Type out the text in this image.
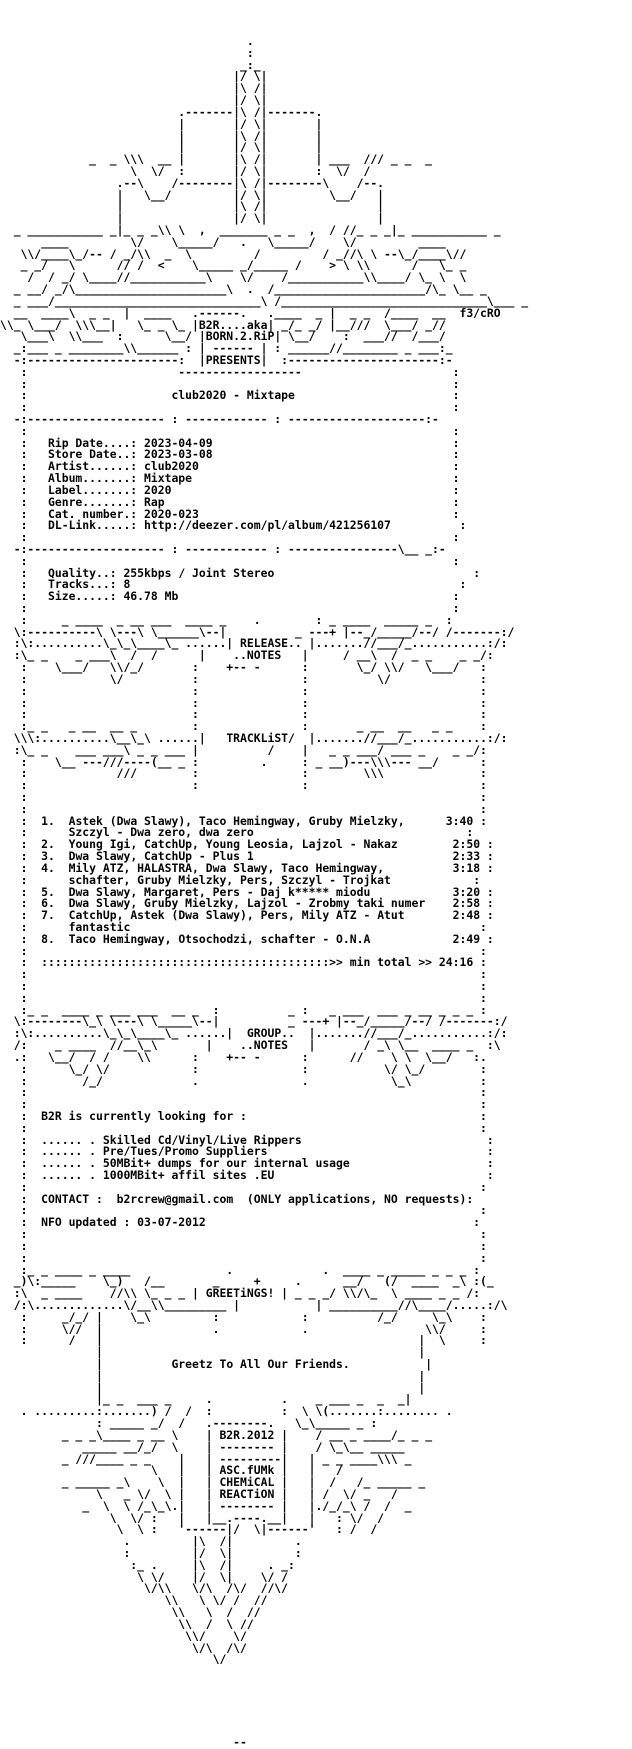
.
:
_:_
|/ \|
|\ /|
|/ \|
.-------|\ /|-------.
|       |/ \|       |
|       |\ /|       |
|       |/ \|       |
_  _ \\\  __ |       |\ /|       | ___  /// _ _  _
\  \/  :       |/ \|       :  \/  /
.--\    /--------|\ /|--------\    /--.
|   \__/         |/ \|         \__/   |
|                |\ /|                |
|                |/ \|                |
_ ___________ _|_ _ _\\ \  ,  _______ _ _  ,  / //_ _ _|_ ___________ _
____         \/    \_____/   .   \_____/    \/         ____
\\/____\_/-- / _/\\  _  \         /         / _//\ \ --\_/____\//
_ _/   \      // /  <    \_____ _/_____ /    > \ \\      /   \_ _
/  / _/ \____//___________\    \/    /___________\\____/ \_ \  \
_ __/ _/\______________________\  .  /______________________/\_ \__ _
_ ___/______________________________\ /______________________________\___ _
__  ____\  _ _  |  ____   .------.   .____  _ |  _ _  /____  __  f3/cRO
\\_ \___/  \\\__|   \_ _ \_ |B2R....aka| _/_ _/ |__///  \___/ _//
\___\  \\___  :      \__/ |BORN.2.RiP| \__/    :  ___//  /___/
_:___ _ ________\\______ : | ------ | : ______//________ _ ___:_
-:----------------------:  |PRESENTS|  :----------------------:-
:                      ------------------                      :
:                                                              :
:                     club2020 - Mixtape                       :
:                                                              :
-:-------------------- : ------------ : --------------------:-
:                                                              :
:   Rip Date....: 2023-04-09                                   :
:   Store Date..: 2023-03-08                                   :
:   Artist......: club2020                                     :
:   Album.......: Mixtape                                      :
:   Label.......: 2020                                         :
:   Genre.......: Rap                                          :
:   Cat. number.: 2020-023                                     :
:   DL-Link.....: http://deezer.com/pl/album/421256107          :
:                                                              :
-:-------------------- : ------------ : ----------------\__ _:-
:                                                              :
:   Quality..: 255kbps / Joint Stereo                             :
:   Tracks...: 8                                                :
:   Size.....: 46.78 Mb                                        :
:                                                              :
:     _ ____  _ __ ___  ____ _    .        : _ ____  _____ _  :
\:----------\ \---\ \______\--|          _ ---+ |--_/_____/--/ /-------:/
:\:..........\_\_\____\_ ......| RELEASE.. |.......//___/_...........:/:
:\_ _    _ ___\  /  /      |    ..NOTES   |     / __\  /  _ _    _ _/:
:    \___/   \\/_/       :    +-- -      :       \_/ \\/   \___/   :
:            \/          :               :          \/             :
:                        :               :                         :
:                        :               :                         :
:                        :               :                         :
:_ _   _ __  __ _        :               :       _ __  __   _ _    :
\\\:..........\__\_\ ......|   TRACKLiST/  |.......//___/_...........:/:
:\_ _    ___ ___\ _ _ ___ |          /    |   _ _ ___/ ___ _    _ _/:
:    \__ ---///----(__ _ :         .     : _ __)---\\\--- __/      :
:             ///        :               :        \\\              :
:                        :               :                         :
:                                                                  :
:                                                                  :
:  1. Astek (Dwa Slawy), Taco Hemingway, Gruby Mielzky,	3:40 :
:      Szczyl - Dwa zero, dwa zero                               :
:  2. Young Igi, CatchUp, Young Leosia, Lajzol - Nakaz	2:50 :
:  3. Dwa Slawy, CatchUp - Plus 1	2:33 :
:  4. Mily ATZ, HALASTRA, Dwa Slawy, Taco Hemingway,	3:18 :
:      schafter, Gruby Mielzky, Pers, Szczyl - Trojkat            :
:  5. Dwa Slawy, Margaret, Pers - Daj k***** miodu	3:20 :
:  6. Dwa Slawy, Gruby Mielzky, Lajzol - Zrobmy taki numer 2:58 :
:  7. CatchUp, Astek (Dwa Slawy), Pers, Mily ATZ - Atut	2:48 :
:      fantastic                                                   :
:  8. Taco Hemingway, Otsochodzi, schafter - O.N.A	2:49 :
:                                                                  :
:  ::::::::::::::::::::::::::::::::::::::::::>> min total >> 24:16 :
:                                                                  :
:                                                                  :
:                                                                  :
:_ _  ____ _ ___ ___  __ _  :          _ :   _ ___  ___ _ __ _ _ _ :
\:--------\_\ \---\ \_____\--|          _ ---+ |--_/_____/--/ /-------:/
:\:..........\_\_\____\_ ......|  GROUP..  |.......//___/_...........:/:
/:    _ ____  //__\_\       |    ..NOTES   |       / _\ \__  ____ _  :\
.:   \__/  / /    \\      :    +-- -      :      //    \ \  \__/   :.
:      \_/ \/            :               :           \/ \_/        :
:        /_/             .               .            \_\          :
:                                                                  :
:                                                                  :
:  B2R is currently looking for :                                  :
:                                                                  :
:  ...... . Skilled Cd/Vinyl/Live Rippers                           :
:  ...... . Pre/Tues/Promo Suppliers                                :
:  ...... . 50MBit+ dumps for our internal usage                    :
:  ...... . 1000MBit+ affil sites .EU                               :
:                                                                  :
:  CONTACT :  b2rcrew@gmail.com (ONLY applications, NO requests):
:                                                                  :
:  NFO updated : 03-07-2012                                       :
:                                                                  :
:                                                                  :
:                                                                  :
:_ _ ____ _ ____              .             .  ____ _ _____ _ _ _ :
_)\:_____    \_)   /__       _     +     .      __/   (/  ____  _\ :(_
:\  _ ____    //\\ \_ _ _ | GREETiNGS! | _ _ _/ \\/\_  \ ____ _ _ /:
/:\.............\/__\\_________ |           | __________//\____/.....:/\
:     _/_/ |    \_\         :            :          /_/     \_\    :
:     \//  |                .            .                 \\/     :
:      /   |                                              |  \     :
|                                              |
|          Greetz To All Our Friends.           |
|                                              |
|                                              |
|_ _  ___ _     .          .    _ ___ _  _  _|
. .........:.......) /  /  :          :  \ \(.......:........ .
: _____ _/  /   .--------.   \_\_____ _ :
_ _ _\____ _ __ \    | B2R.2012 |    / __ _ ____/_ _ _
_____ __/_/  \    | -------- |    / \_\__ _____
_ ///____ _ _    |   | ---------|   | _ _ ____\\\ _
\   |   | ASC.fUMk |   |   /
_ _____ _\    \  |   | CHEMiCAL |   |  /   /_ _____ _
\   _ \/  \ |   | REACTiON |   | /  \/ _   /
_  \  \ /_\_\.|   | -------- |   |./_/_\ /  /  _
\  \/ :   |   |__.----.__|   |   : \/  /
\  \ :   '------|/  \|------'   : /  /
.         |\  /|         .
:         |/  \|         :
:_ .     |\  /|     . _:
\ \/    |/  \|    \/ /
\/\\   \/\  /\/  //\/
\\   \ \/ /  //
\\   \  /  //
\\  /  \ //
\\/    \/
\/\  /\/
\/

--
